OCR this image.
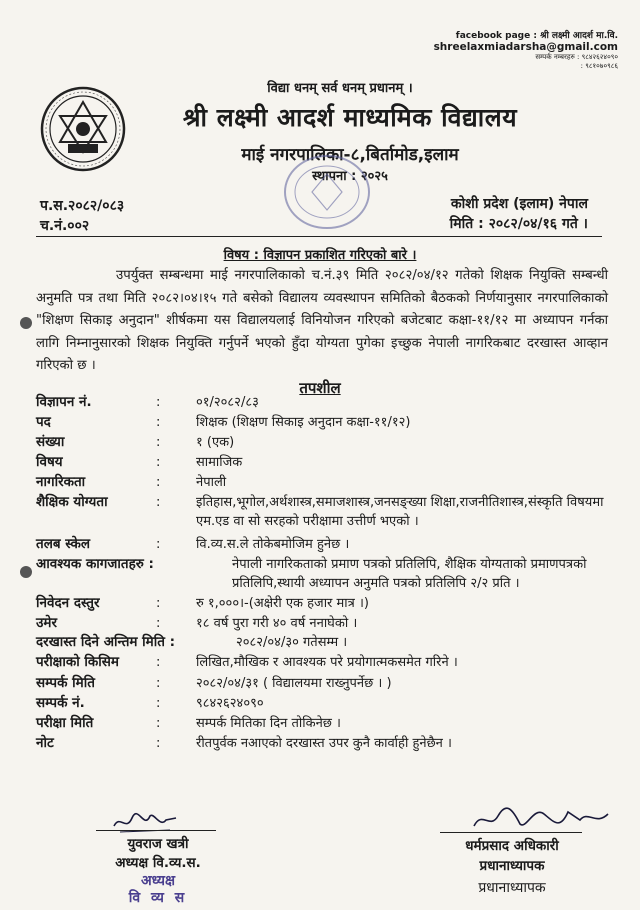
facebook page : श्री लक्ष्मी आदर्श मा.वि.
shreelaxmiadarsha@gmail.com
सम्पर्क नम्बरहरु : ९८४२६२४०९०
: ९८१०७०९८६
विद्या धनम् सर्व धनम् प्रधानम् ।
श्री लक्ष्मी आदर्श माध्यमिक विद्यालय
माई नगरपालिका-८,बिर्तामोड,इलाम
स्थापना : २०२५
प.स.२०८२/०८३
च.नं.००२
कोशी प्रदेश (इलाम) नेपाल
मिति : २०८२/०४/१६ गते ।
विषय : विज्ञापन प्रकाशित गरिएको बारे ।
उपर्युक्त सम्बन्धमा माई नगरपालिकाको च.नं.३९ मिति २०८२/०४/१२ गतेको शिक्षक नियुक्ति सम्बन्धी अनुमति पत्र तथा मिति २०८२।०४।१५ गते बसेको विद्यालय व्यवस्थापन समितिको बैठकको निर्णयानुसार नगरपालिकाको "शिक्षण सिकाइ अनुदान" शीर्षकमा यस विद्यालयलाई विनियोजन गरिएको बजेटबाट कक्षा-११/१२ मा अध्यापन गर्नका लागि निम्नानुसारको शिक्षक नियुक्ति गर्नुपर्ने भएको हुँदा योग्यता पुगेका इच्छुक नेपाली नागरिकबाट दरखास्त आव्हान गरिएको छ ।
तपशील
विज्ञापन नं.	:	०१/२०८२/८३
पद	:	शिक्षक (शिक्षण सिकाइ अनुदान कक्षा-११/१२)
संख्या	:	१ (एक)
विषय	:	सामाजिक
नागरिकता	:	नेपाली
शैक्षिक योग्यता	:	इतिहास,भूगोल,अर्थशास्त्र,समाजशास्त्र,जनसङ्ख्या शिक्षा,राजनीतिशास्त्र,संस्कृति विषयमा एम.एड वा सो सरहको परीक्षामा उत्तीर्ण भएको ।
तलब स्केल	:	वि.व्य.स.ले तोकेबमोजिम हुनेछ ।
आवश्यक कागजातहरु :	नेपाली नागरिकताको प्रमाण पत्रको प्रतिलिपि, शैक्षिक योग्यताको प्रमाणपत्रको प्रतिलिपि,स्थायी अध्यापन अनुमति पत्रको प्रतिलिपि २/२ प्रति ।
निवेदन दस्तुर	:	रु १,०००।-(अक्षेरी एक हजार मात्र ।)
उमेर	:	१८ वर्ष पुरा गरी ४० वर्ष ननाघेको ।
दरखास्त दिने अन्तिम मिति :	२०८२/०४/३० गतेसम्म ।
परीक्षाको किसिम	:	लिखित,मौखिक र आवश्यक परे प्रयोगात्मकसमेत गरिने ।
सम्पर्क मिति	:	२०८२/०४/३१ ( विद्यालयमा राख्नुपर्नेछ । )
सम्पर्क नं.	:	९८४२६२४०९०
परीक्षा मिति	:	सम्पर्क मितिका दिन तोकिनेछ ।
नोट	:	रीतपुर्वक नआएको दरखास्त उपर कुनै कार्वाही हुनेछैन ।
युवराज खत्री
अध्यक्ष वि.व्य.स.
अध्यक्ष
वि व्य स
धर्मप्रसाद अधिकारी
प्रधानाध्यापक
प्रधानाध्यापक
